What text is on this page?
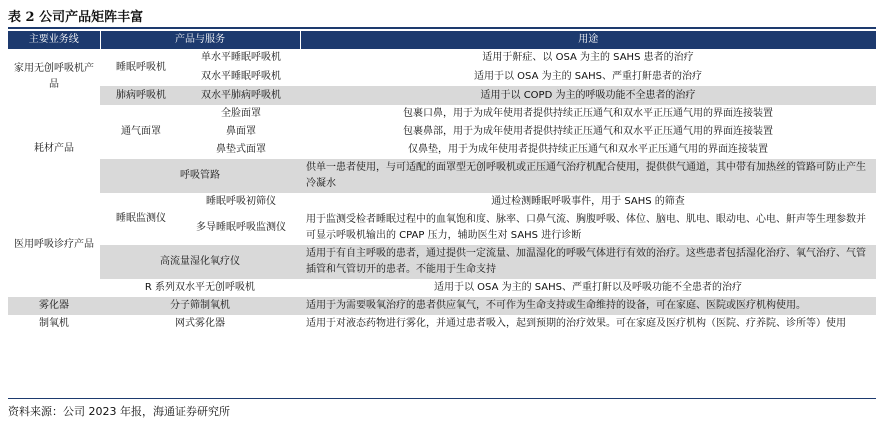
表 2 公司产品矩阵丰富
主要业务线	产品与服务		用途
家用无创呼吸机产品	睡眠呼吸机	单水平睡眠呼吸机	适用于鼾症、以 OSA 为主的 SAHS 患者的治疗
		双水平睡眠呼吸机	适用于以 OSA 为主的 SAHS、严重打鼾患者的治疗
	肺病呼吸机	双水平肺病呼吸机	适用于以 COPD 为主的呼吸功能不全患者的治疗
耗材产品	通气面罩	全脸面罩	包裹口鼻，用于为成年使用者提供持续正压通气和双水平正压通气用的界面连接装置
		鼻面罩	包裹鼻部，用于为成年使用者提供持续正压通气和双水平正压通气用的界面连接装置
		鼻垫式面罩	仅鼻垫，用于为成年使用者提供持续正压通气和双水平正压通气用的界面连接装置
	呼吸管路		供单一患者使用，与可适配的面罩型无创呼吸机或正压通气治疗机配合使用，提供供气通道，其中带有加热丝的管路可防止产生冷凝水
医用呼吸诊疗产品	睡眠监测仪	睡眠呼吸初筛仪	通过检测睡眠呼吸事件，用于 SAHS 的筛查
		多导睡眠呼吸监测仪	用于监测受检者睡眠过程中的血氧饱和度、脉率、口鼻气流、胸腹呼吸、体位、脑电、肌电、眼动电、心电、鼾声等生理参数并可显示呼吸机输出的 CPAP 压力，辅助医生对 SAHS 进行诊断
	高流量湿化氧疗仪		适用于有自主呼吸的患者，通过提供一定流量、加温湿化的呼吸气体进行有效的治疗。这些患者包括湿化治疗、氧气治疗、气管插管和气管切开的患者。不能用于生命支持
	R 系列双水平无创呼吸机		适用于以 OSA 为主的 SAHS、严重打鼾以及呼吸功能不全患者的治疗
雾化器	分子筛制氧机		适用于为需要吸氧治疗的患者供应氧气，不可作为生命支持或生命维持的设备，可在家庭、医院或医疗机构使用。
制氧机	网式雾化器		适用于对液态药物进行雾化，并通过患者吸入，起到预期的治疗效果。可在家庭及医疗机构（医院、疗养院、诊所等）使用
资料来源：公司 2023 年报，海通证券研究所
